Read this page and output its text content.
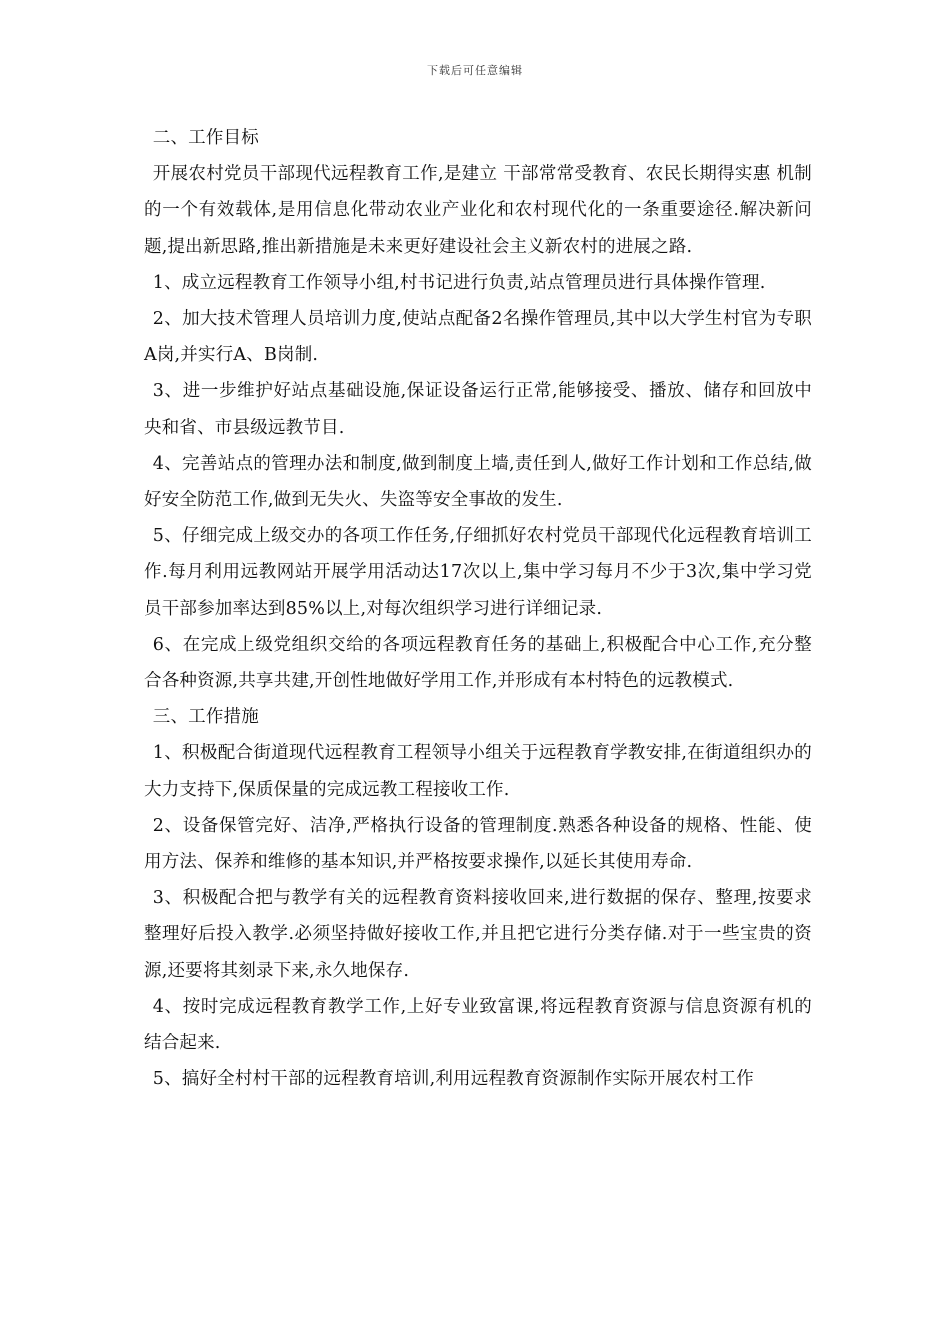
下载后可任意编辑

二、工作目标

开展农村党员干部现代远程教育工作,是建立 干部常常受教育、农民长期得实惠 机制的一个有效载体,是用信息化带动农业产业化和农村现代化的一条重要途径.解决新问题,提出新思路,推出新措施是未来更好建设社会主义新农村的进展之路.

1、成立远程教育工作领导小组,村书记进行负责,站点管理员进行具体操作管理.

2、加大技术管理人员培训力度,使站点配备2名操作管理员,其中以大学生村官为专职A岗,并实行A、B岗制.

3、进一步维护好站点基础设施,保证设备运行正常,能够接受、播放、储存和回放中央和省、市县级远教节目.

4、完善站点的管理办法和制度,做到制度上墙,责任到人,做好工作计划和工作总结,做好安全防范工作,做到无失火、失盗等安全事故的发生.

5、仔细完成上级交办的各项工作任务,仔细抓好农村党员干部现代化远程教育培训工作.每月利用远教网站开展学用活动达17次以上,集中学习每月不少于3次,集中学习党员干部参加率达到85%以上,对每次组织学习进行详细记录.

6、在完成上级党组织交给的各项远程教育任务的基础上,积极配合中心工作,充分整合各种资源,共享共建,开创性地做好学用工作,并形成有本村特色的远教模式.

三、工作措施

1、积极配合街道现代远程教育工程领导小组关于远程教育学教安排,在街道组织办的大力支持下,保质保量的完成远教工程接收工作.

2、设备保管完好、洁净,严格执行设备的管理制度.熟悉各种设备的规格、性能、使用方法、保养和维修的基本知识,并严格按要求操作,以延长其使用寿命.

3、积极配合把与教学有关的远程教育资料接收回来,进行数据的保存、整理,按要求整理好后投入教学.必须坚持做好接收工作,并且把它进行分类存储.对于一些宝贵的资源,还要将其刻录下来,永久地保存.

4、按时完成远程教育教学工作,上好专业致富课,将远程教育资源与信息资源有机的结合起来.

5、搞好全村村干部的远程教育培训,利用远程教育资源制作实际开展农村工作
